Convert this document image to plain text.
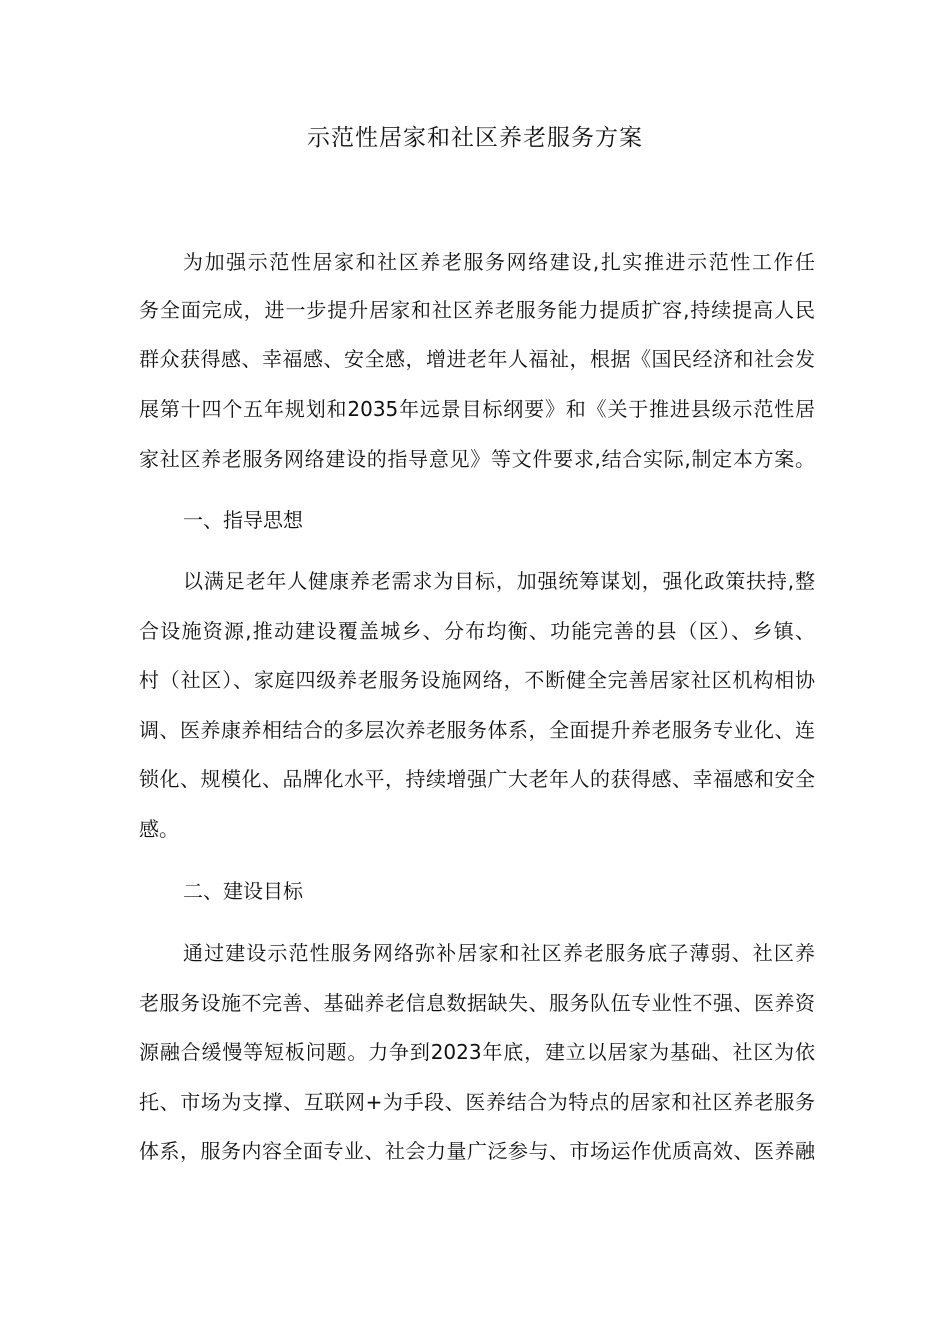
示范性居家和社区养老服务方案

为加强示范性居家和社区养老服务网络建设,扎实推进示范性工作任

务全面完成，进一步提升居家和社区养老服务能力提质扩容,持续提高人民

群众获得感、幸福感、安全感，增进老年人福祉，根据《国民经济和社会发

展第十四个五年规划和2035年远景目标纲要》和《关于推进县级示范性居

家社区养老服务网络建设的指导意见》等文件要求,结合实际,制定本方案。

一、指导思想

以满足老年人健康养老需求为目标，加强统筹谋划，强化政策扶持,整

合设施资源,推动建设覆盖城乡、分布均衡、功能完善的县（区）、乡镇、

村（社区）、家庭四级养老服务设施网络，不断健全完善居家社区机构相协

调、医养康养相结合的多层次养老服务体系，全面提升养老服务专业化、连

锁化、规模化、品牌化水平，持续增强广大老年人的获得感、幸福感和安全

感。

二、建设目标

通过建设示范性服务网络弥补居家和社区养老服务底子薄弱、社区养

老服务设施不完善、基础养老信息数据缺失、服务队伍专业性不强、医养资

源融合缓慢等短板问题。力争到2023年底，建立以居家为基础、社区为依

托、市场为支撑、互联网+为手段、医养结合为特点的居家和社区养老服务

体系，服务内容全面专业、社会力量广泛参与、市场运作优质高效、医养融
